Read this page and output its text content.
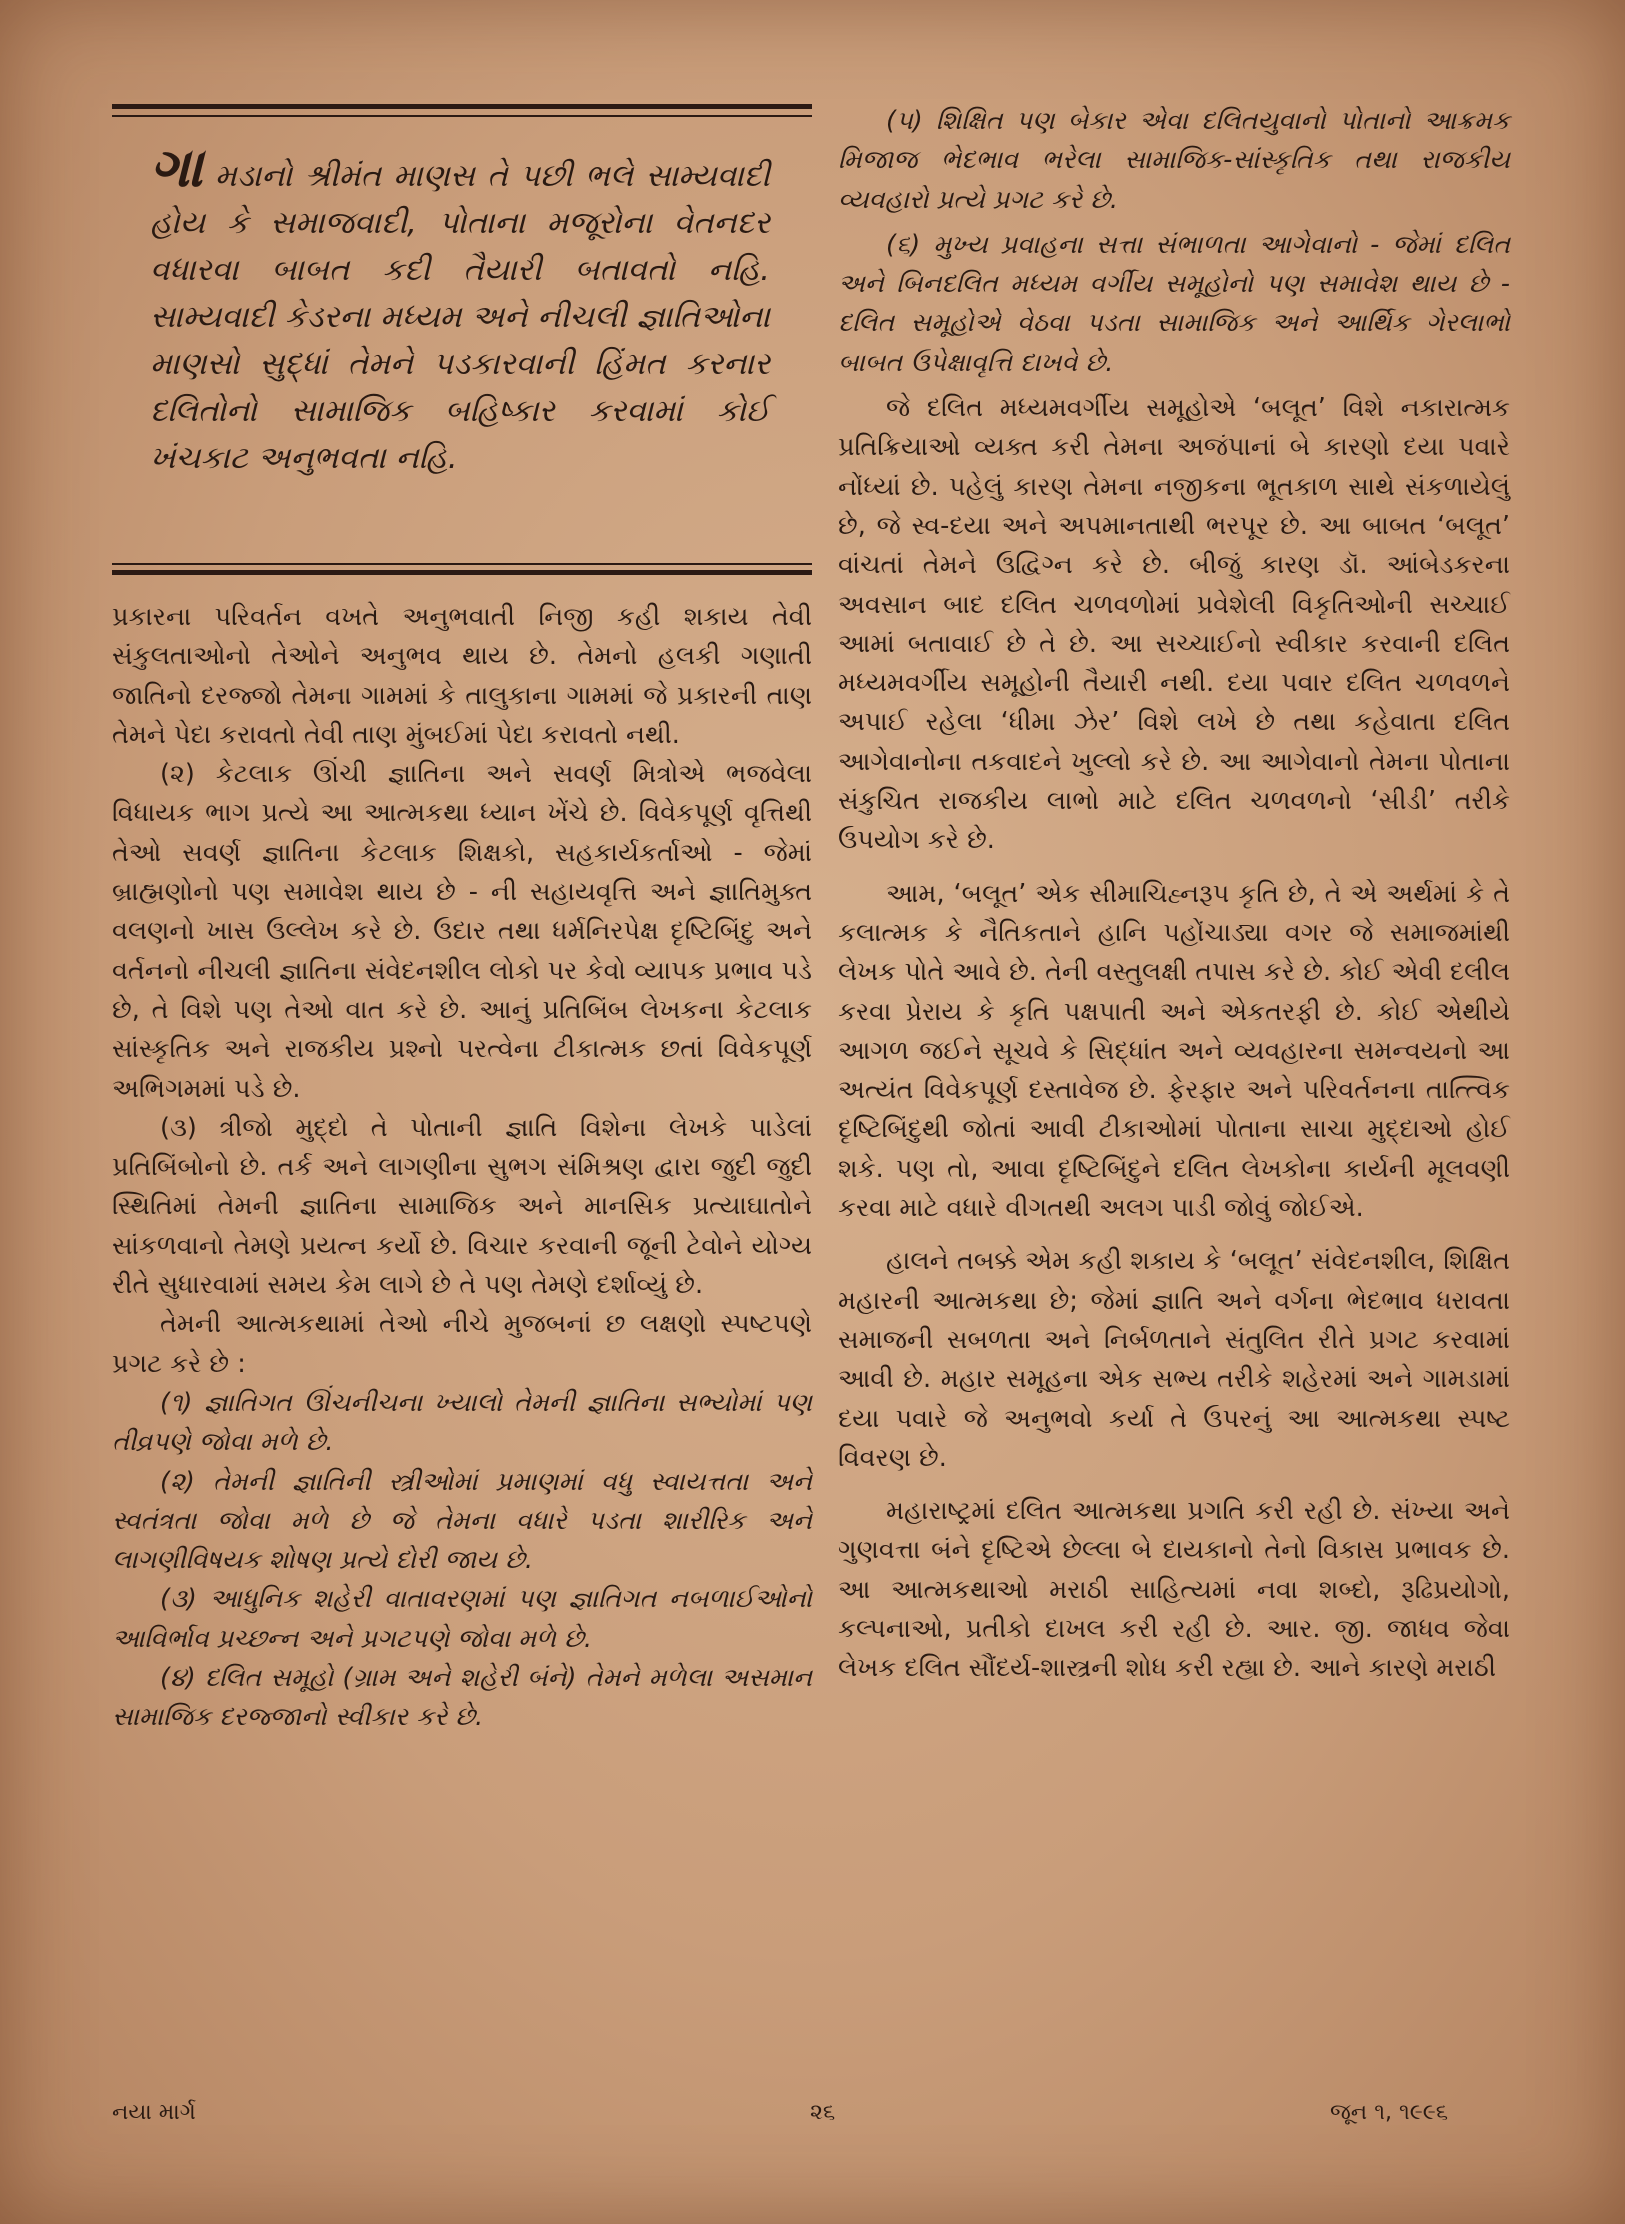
ગા મડાનો શ્રીમંત માણસ તે પછી ભલે સામ્યવાદી હોય કે સમાજવાદી, પોતાના મજૂરોના વેતનદર વધારવા બાબત કદી તૈયારી બતાવતો નહિ. સામ્યવાદી કેડરના મધ્યમ અને નીચલી જ્ઞાતિઓના માણસો સુદ્ધાં તેમને પડકારવાની હિંમત કરનાર દલિતોનો સામાજિક બહિષ્કાર કરવામાં કોઈ ખંચકાટ અનુભવતા નહિ.

પ્રકારના પરિવર્તન વખતે અનુભવાતી નિજી કહી શકાય તેવી સંકુલતાઓનો તેઓને અનુભવ થાય છે. તેમનો હલકી ગણાતી જાતિનો દરજ્જો તેમના ગામમાં કે તાલુકાના ગામમાં જે પ્રકારની તાણ તેમને પેદા કરાવતો તેવી તાણ મુંબઈમાં પેદા કરાવતો નથી.

(૨) કેટલાક ઊંચી જ્ઞાતિના અને સવર્ણ મિત્રોએ ભજવેલા વિધાયક ભાગ પ્રત્યે આ આત્મકથા ધ્યાન ખેંચે છે. વિવેકપૂર્ણ વૃત્તિથી તેઓ સવર્ણ જ્ઞાતિના કેટલાક શિક્ષકો, સહકાર્યકર્તાઓ - જેમાં બ્રાહ્મણોનો પણ સમાવેશ થાય છે - ની સહાયવૃત્તિ અને જ્ઞાતિમુક્ત વલણનો ખાસ ઉલ્લેખ કરે છે. ઉદાર તથા ધર્મનિરપેક્ષ દૃષ્ટિબિંદુ અને વર્તનનો નીચલી જ્ઞાતિના સંવેદનશીલ લોકો પર કેવો વ્યાપક પ્રભાવ પડે છે, તે વિશે પણ તેઓ વાત કરે છે. આનું પ્રતિબિંબ લેખકના કેટલાક સાંસ્કૃતિક અને રાજકીય પ્રશ્નો પરત્વેના ટીકાત્મક છતાં વિવેકપૂર્ણ અભિગમમાં પડે છે.

(૩) ત્રીજો મુદ્દો તે પોતાની જ્ઞાતિ વિશેના લેખકે પાડેલાં પ્રતિબિંબોનો છે. તર્ક અને લાગણીના સુભગ સંમિશ્રણ દ્વારા જુદી જુદી સ્થિતિમાં તેમની જ્ઞાતિના સામાજિક અને માનસિક પ્રત્યાઘાતોને સાંકળવાનો તેમણે પ્રયત્ન કર્યો છે. વિચાર કરવાની જૂની ટેવોને યોગ્ય રીતે સુધારવામાં સમય કેમ લાગે છે તે પણ તેમણે દર્શાવ્યું છે.

તેમની આત્મકથામાં તેઓ નીચે મુજબનાં છ લક્ષણો સ્પષ્ટપણે પ્રગટ કરે છે :

(૧) જ્ઞાતિગત ઊંચનીચના ખ્યાલો તેમની જ્ઞાતિના સભ્યોમાં પણ તીવ્રપણે જોવા મળે છે.

(૨) તેમની જ્ઞાતિની સ્ત્રીઓમાં પ્રમાણમાં વધુ સ્વાયત્તતા અને સ્વતંત્રતા જોવા મળે છે જે તેમના વધારે પડતા શારીરિક અને લાગણીવિષયક શોષણ પ્રત્યે દોરી જાય છે.

(૩) આધુનિક શહેરી વાતાવરણમાં પણ જ્ઞાતિગત નબળાઈઓનો આવિર્ભાવ પ્રચ્છન્ન અને પ્રગટપણે જોવા મળે છે.

(૪) દલિત સમૂહો (ગ્રામ અને શહેરી બંને) તેમને મળેલા અસમાન સામાજિક દરજ્જાનો સ્વીકાર કરે છે.

(૫) શિક્ષિત પણ બેકાર એવા દલિતયુવાનો પોતાનો આક્રમક મિજાજ ભેદભાવ ભરેલા સામાજિક-સાંસ્કૃતિક તથા રાજકીય વ્યવહારો પ્રત્યે પ્રગટ કરે છે.

(૬) મુખ્ય પ્રવાહના સત્તા સંભાળતા આગેવાનો - જેમાં દલિત અને બિનદલિત મધ્યમ વર્ગીય સમૂહોનો પણ સમાવેશ થાય છે - દલિત સમૂહોએ વેઠવા પડતા સામાજિક અને આર્થિક ગેરલાભો બાબત ઉપેક્ષાવૃત્તિ દાખવે છે.

જે દલિત મધ્યમવર્ગીય સમૂહોએ ‘બલૂત’ વિશે નકારાત્મક પ્રતિક્રિયાઓ વ્યક્ત કરી તેમના અજંપાનાં બે કારણો દયા પવારે નોંધ્યાં છે. પહેલું કારણ તેમના નજીકના ભૂતકાળ સાથે સંકળાયેલું છે, જે સ્વ-દયા અને અપમાનતાથી ભરપૂર છે. આ બાબત ‘બલૂત’ વાંચતાં તેમને ઉદ્વિગ્ન કરે છે. બીજું કારણ ડૉ. આંબેડકરના અવસાન બાદ દલિત ચળવળોમાં પ્રવેશેલી વિકૃતિઓની સચ્ચાઈ આમાં બતાવાઈ છે તે છે. આ સચ્ચાઈનો સ્વીકાર કરવાની દલિત મધ્યમવર્ગીય સમૂહોની તૈયારી નથી. દયા પવાર દલિત ચળવળને અપાઈ રહેલા ‘ધીમા ઝેર’ વિશે લખે છે તથા કહેવાતા દલિત આગેવાનોના તકવાદને ખુલ્લો કરે છે. આ આગેવાનો તેમના પોતાના સંકુચિત રાજકીય લાભો માટે દલિત ચળવળનો ‘સીડી’ તરીકે ઉપયોગ કરે છે.

આમ, ‘બલૂત’ એક સીમાચિહ્નરૂપ કૃતિ છે, તે એ અર્થમાં કે તે કલાત્મક કે નૈતિકતાને હાનિ પહોંચાડ્યા વગર જે સમાજમાંથી લેખક પોતે આવે છે. તેની વસ્તુલક્ષી તપાસ કરે છે. કોઈ એવી દલીલ કરવા પ્રેરાય કે કૃતિ પક્ષપાતી અને એકતરફી છે. કોઈ એથીયે આગળ જઈને સૂચવે કે સિદ્ધાંત અને વ્યવહારના સમન્વયનો આ અત્યંત વિવેકપૂર્ણ દસ્તાવેજ છે. ફેરફાર અને પરિવર્તનના તાત્ત્વિક દૃષ્ટિબિંદુથી જોતાં આવી ટીકાઓમાં પોતાના સાચા મુદ્દાઓ હોઈ શકે. પણ તો, આવા દૃષ્ટિબિંદુને દલિત લેખકોના કાર્યની મૂલવણી કરવા માટે વધારે વીગતથી અલગ પાડી જોવું જોઈએ.

હાલને તબક્કે એમ કહી શકાય કે ‘બલૂત’ સંવેદનશીલ, શિક્ષિત મહારની આત્મકથા છે; જેમાં જ્ઞાતિ અને વર્ગના ભેદભાવ ધરાવતા સમાજની સબળતા અને નિર્બળતાને સંતુલિત રીતે પ્રગટ કરવામાં આવી છે. મહાર સમૂહના એક સભ્ય તરીકે શહેરમાં અને ગામડામાં દયા પવારે જે અનુભવો કર્યા તે ઉપરનું આ આત્મકથા સ્પષ્ટ વિવરણ છે.

મહારાષ્ટ્રમાં દલિત આત્મકથા પ્રગતિ કરી રહી છે. સંખ્યા અને ગુણવત્તા બંને દૃષ્ટિએ છેલ્લા બે દાયકાનો તેનો વિકાસ પ્રભાવક છે. આ આત્મકથાઓ મરાઠી સાહિત્યમાં નવા શબ્દો, રૂઢિપ્રયોગો, કલ્પનાઓ, પ્રતીકો દાખલ કરી રહી છે. આર. જી. જાધવ જેવા લેખક દલિત સૌંદર્ય-શાસ્ત્રની શોધ કરી રહ્યા છે. આને કારણે મરાઠી

નયા માર્ગ	૨૬	જૂન ૧, ૧૯૯૬
